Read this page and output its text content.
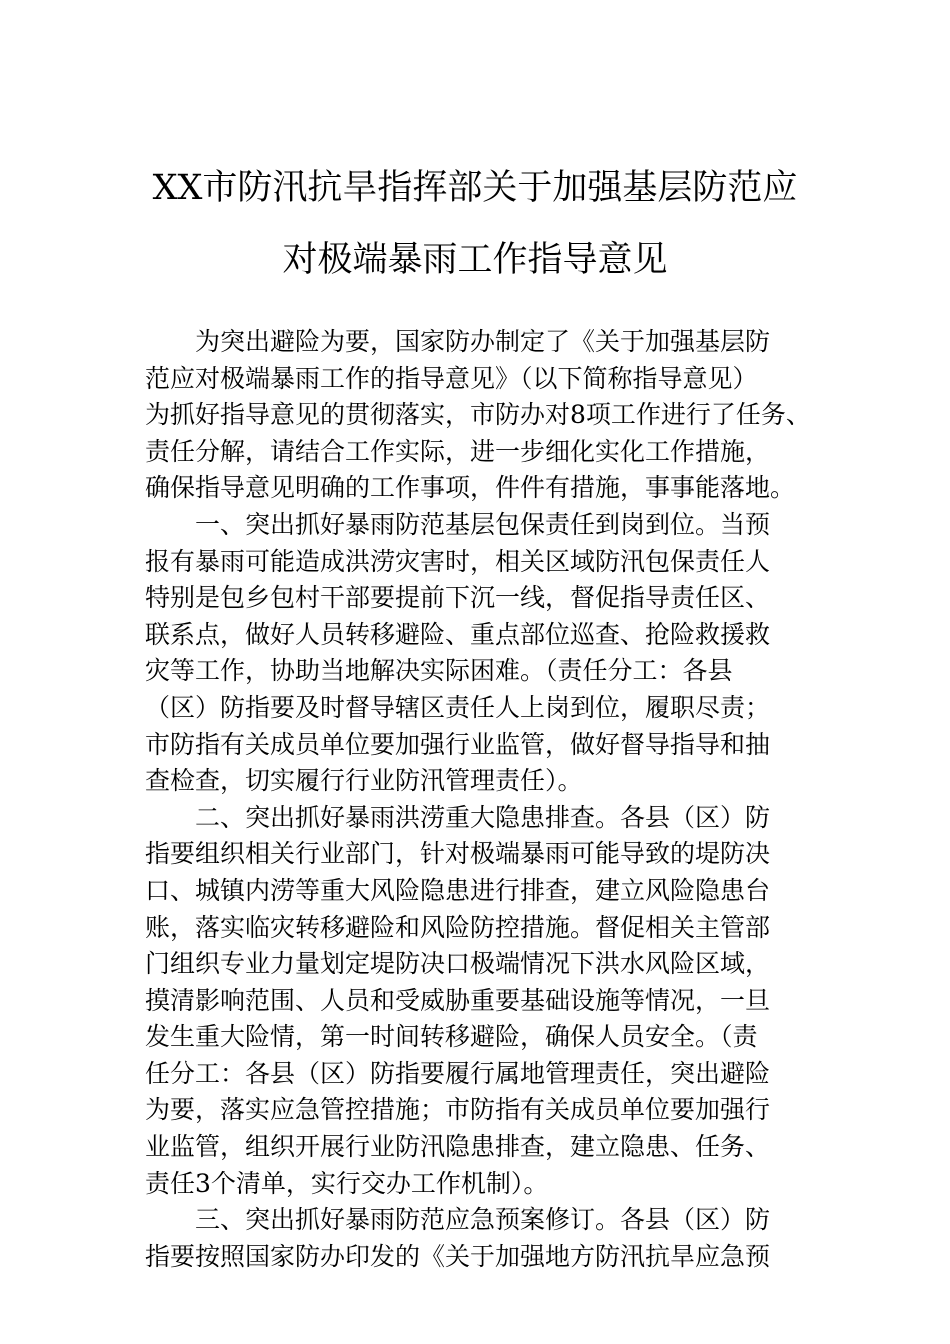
XX市防汛抗旱指挥部关于加强基层防范应
对极端暴雨工作指导意见
为突出避险为要，国家防办制定了《关于加强基层防
范应对极端暴雨工作的指导意见》（以下简称指导意见）
为抓好指导意见的贯彻落实，市防办对8项工作进行了任务、
责任分解，请结合工作实际，进一步细化实化工作措施，
确保指导意见明确的工作事项，件件有措施，事事能落地。
一、突出抓好暴雨防范基层包保责任到岗到位。当预
报有暴雨可能造成洪涝灾害时，相关区域防汛包保责任人
特别是包乡包村干部要提前下沉一线，督促指导责任区、
联系点，做好人员转移避险、重点部位巡查、抢险救援救
灾等工作，协助当地解决实际困难。（责任分工：各县
（区）防指要及时督导辖区责任人上岗到位，履职尽责；
市防指有关成员单位要加强行业监管，做好督导指导和抽
查检查，切实履行行业防汛管理责任）。
二、突出抓好暴雨洪涝重大隐患排查。各县（区）防
指要组织相关行业部门，针对极端暴雨可能导致的堤防决
口、城镇内涝等重大风险隐患进行排查，建立风险隐患台
账，落实临灾转移避险和风险防控措施。督促相关主管部
门组织专业力量划定堤防决口极端情况下洪水风险区域，
摸清影响范围、人员和受威胁重要基础设施等情况，一旦
发生重大险情，第一时间转移避险，确保人员安全。（责
任分工：各县（区）防指要履行属地管理责任，突出避险
为要，落实应急管控措施；市防指有关成员单位要加强行
业监管，组织开展行业防汛隐患排查，建立隐患、任务、
责任3个清单，实行交办工作机制）。
三、突出抓好暴雨防范应急预案修订。各县（区）防
指要按照国家防办印发的《关于加强地方防汛抗旱应急预
